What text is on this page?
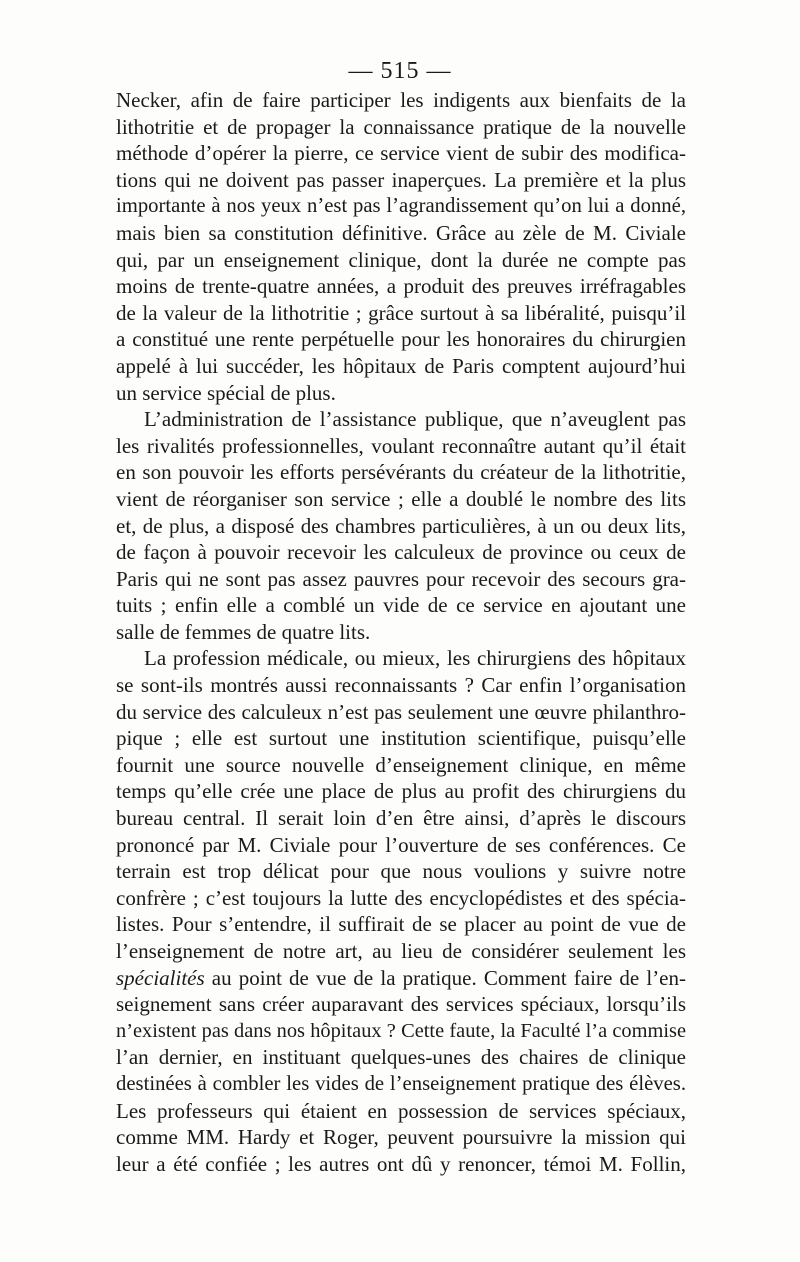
— 515 —
Necker, afin de faire participer les indigents aux bienfaits de la
lithotritie et de propager la connaissance pratique de la nouvelle
méthode d’opérer la pierre, ce service vient de subir des modifica-
tions qui ne doivent pas passer inaperçues. La première et la plus
importante à nos yeux n’est pas l’agrandissement qu’on lui a donné,
mais bien sa constitution définitive. Grâce au zèle de M. Civiale
qui, par un enseignement clinique, dont la durée ne compte pas
moins de trente-quatre années, a produit des preuves irréfragables
de la valeur de la lithotritie ; grâce surtout à sa libéralité, puisqu’il
a constitué une rente perpétuelle pour les honoraires du chirurgien
appelé à lui succéder, les hôpitaux de Paris comptent aujourd’hui
un service spécial de plus.
L’administration de l’assistance publique, que n’aveuglent pas
les rivalités professionnelles, voulant reconnaître autant qu’il était
en son pouvoir les efforts persévérants du créateur de la lithotritie,
vient de réorganiser son service ; elle a doublé le nombre des lits
et, de plus, a disposé des chambres particulières, à un ou deux lits,
de façon à pouvoir recevoir les calculeux de province ou ceux de
Paris qui ne sont pas assez pauvres pour recevoir des secours gra-
tuits ; enfin elle a comblé un vide de ce service en ajoutant une
salle de femmes de quatre lits.
La profession médicale, ou mieux, les chirurgiens des hôpitaux
se sont-ils montrés aussi reconnaissants ? Car enfin l’organisation
du service des calculeux n’est pas seulement une œuvre philanthro-
pique ; elle est surtout une institution scientifique, puisqu’elle
fournit une source nouvelle d’enseignement clinique, en même
temps qu’elle crée une place de plus au profit des chirurgiens du
bureau central. Il serait loin d’en être ainsi, d’après le discours
prononcé par M. Civiale pour l’ouverture de ses conférences. Ce
terrain est trop délicat pour que nous voulions y suivre notre
confrère ; c’est toujours la lutte des encyclopédistes et des spécia-
listes. Pour s’entendre, il suffirait de se placer au point de vue de
l’enseignement de notre art, au lieu de considérer seulement les
spécialités au point de vue de la pratique. Comment faire de l’en-
seignement sans créer auparavant des services spéciaux, lorsqu’ils
n’existent pas dans nos hôpitaux ? Cette faute, la Faculté l’a commise
l’an dernier, en instituant quelques-unes des chaires de clinique
destinées à combler les vides de l’enseignement pratique des élèves.
Les professeurs qui étaient en possession de services spéciaux,
comme MM. Hardy et Roger, peuvent poursuivre la mission qui
leur a été confiée ; les autres ont dû y renoncer, témoi M. Follin,
